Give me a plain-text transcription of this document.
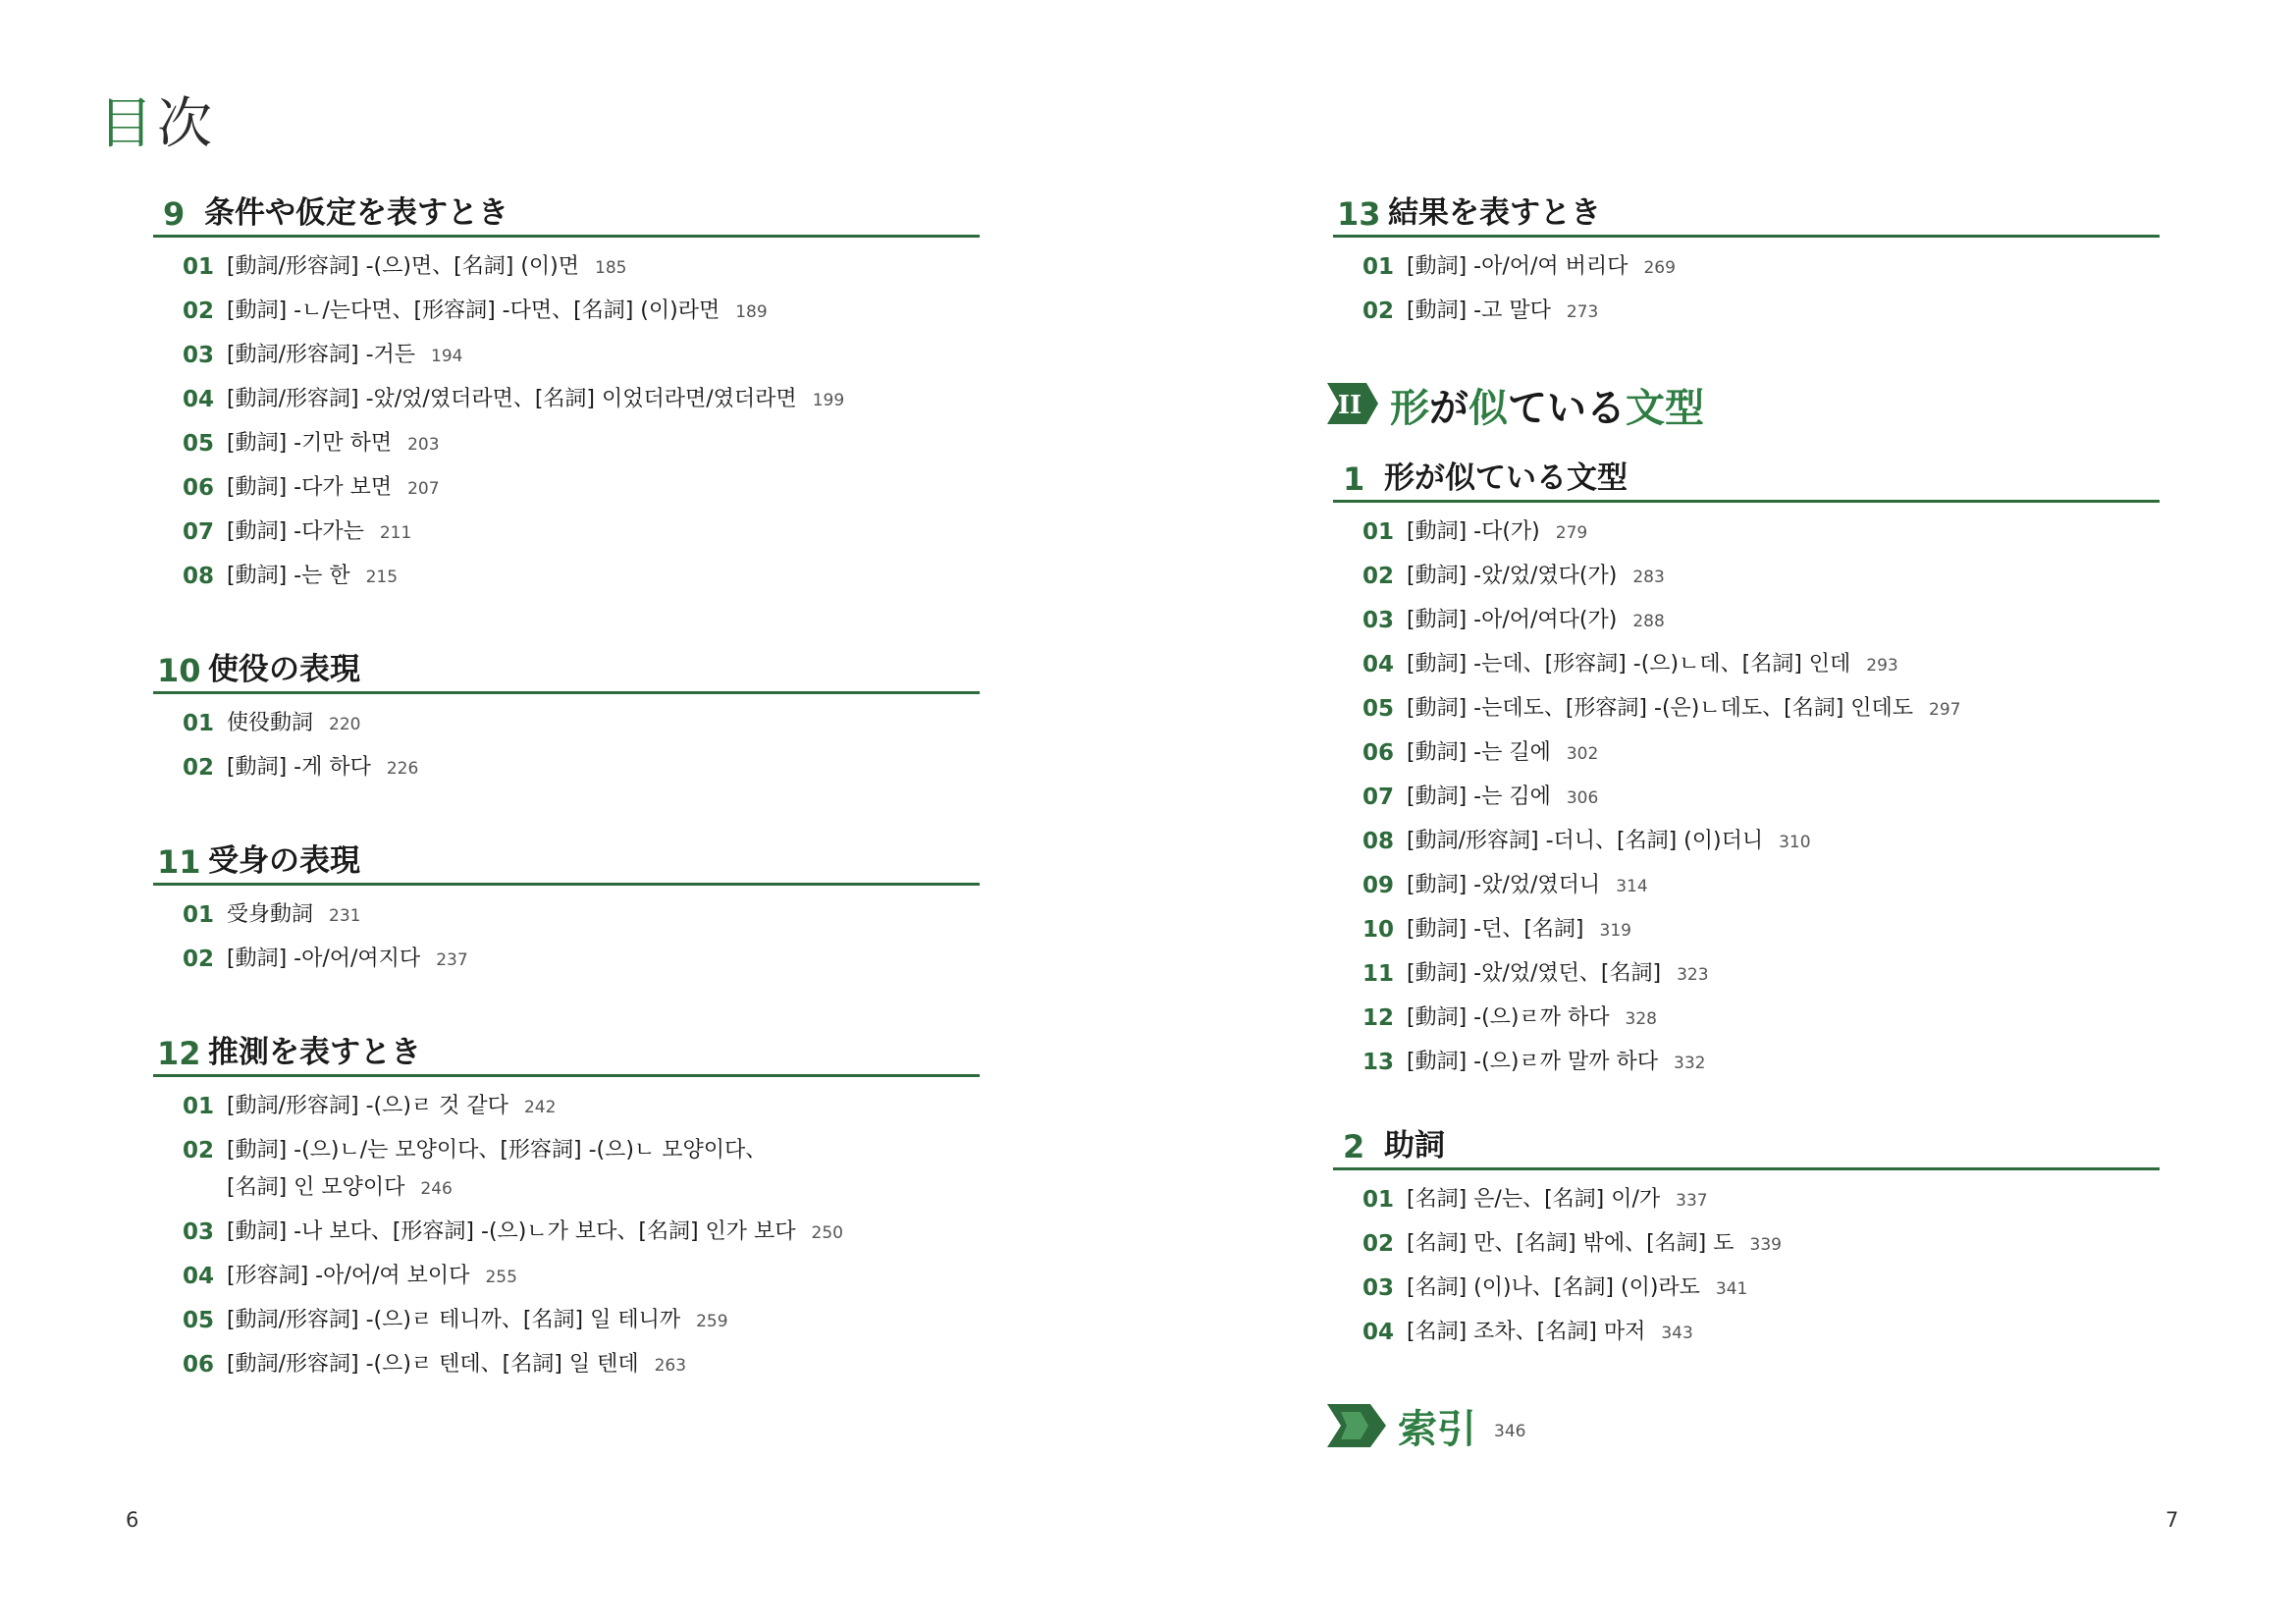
目次
9 条件や仮定を表すとき
01 [動詞/形容詞] -(으)면、[名詞] (이)면 185
02 [動詞] -ㄴ/는다면、[形容詞] -다면、[名詞] (이)라면 189
03 [動詞/形容詞] -거든 194
04 [動詞/形容詞] -았/었/였더라면、[名詞] 이었더라면/였더라면 199
05 [動詞] -기만 하면 203
06 [動詞] -다가 보면 207
07 [動詞] -다가는 211
08 [動詞] -는 한 215
10 使役の表現
01 使役動詞 220
02 [動詞] -게 하다 226
11 受身の表現
01 受身動詞 231
02 [動詞] -아/어/여지다 237
12 推測を表すとき
01 [動詞/形容詞] -(으)ㄹ 것 같다 242
02 [動詞] -(으)ㄴ/는 모양이다、[形容詞] -(으)ㄴ 모양이다、
[名詞] 인 모양이다 246
03 [動詞] -나 보다、[形容詞] -(으)ㄴ가 보다、[名詞] 인가 보다 250
04 [形容詞] -아/어/여 보이다 255
05 [動詞/形容詞] -(으)ㄹ 테니까、[名詞] 일 테니까 259
06 [動詞/形容詞] -(으)ㄹ 텐데、[名詞] 일 텐데 263
13 結果を表すとき
01 [動詞] -아/어/여 버리다 269
02 [動詞] -고 말다 273
II 形が似ている文型
1 形が似ている文型
01 [動詞] -다(가) 279
02 [動詞] -았/었/였다(가) 283
03 [動詞] -아/어/여다(가) 288
04 [動詞] -는데、[形容詞] -(으)ㄴ데、[名詞] 인데 293
05 [動詞] -는데도、[形容詞] -(은)ㄴ데도、[名詞] 인데도 297
06 [動詞] -는 길에 302
07 [動詞] -는 김에 306
08 [動詞/形容詞] -더니、[名詞] (이)더니 310
09 [動詞] -았/었/였더니 314
10 [動詞] -던、[名詞] 319
11 [動詞] -았/었/였던、[名詞] 323
12 [動詞] -(으)ㄹ까 하다 328
13 [動詞] -(으)ㄹ까 말까 하다 332
2 助詞
01 [名詞] 은/는、[名詞] 이/가 337
02 [名詞] 만、[名詞] 밖에、[名詞] 도 339
03 [名詞] (이)나、[名詞] (이)라도 341
04 [名詞] 조차、[名詞] 마저 343
索引 346
6	7
